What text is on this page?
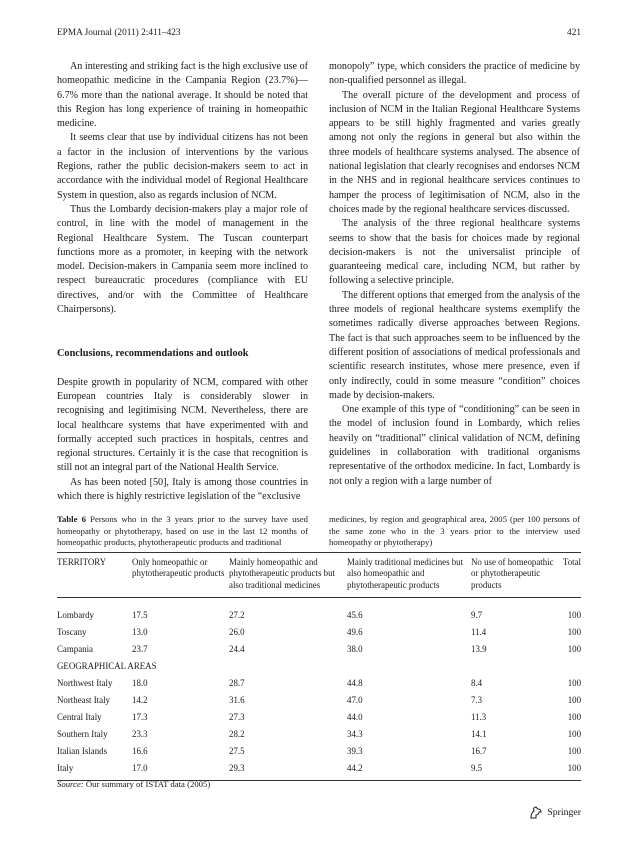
EPMA Journal (2011) 2:411–423	421

An interesting and striking fact is the high exclusive use of homeopathic medicine in the Campania Region (23.7%)—6.7% more than the national average. It should be noted that this Region has long experience of training in homeopathic medicine.

It seems clear that use by individual citizens has not been a factor in the inclusion of interventions by the various Regions, rather the public decision-makers seem to act in accordance with the individual model of Regional Healthcare System in question, also as regards inclusion of NCM.

Thus the Lombardy decision-makers play a major role of control, in line with the model of management in the Regional Healthcare System. The Tuscan counterpart functions more as a promoter, in keeping with the network model. Decision-makers in Campania seem more inclined to respect bureaucratic procedures (compliance with EU directives, and/or with the Committee of Healthcare Chairpersons).

Conclusions, recommendations and outlook

Despite growth in popularity of NCM, compared with other European countries Italy is considerably slower in recognising and legitimising NCM. Nevertheless, there are local healthcare systems that have experimented with and formally accepted such practices in hospitals, centres and regional structures. Certainly it is the case that recognition is still not an integral part of the National Health Service.

As has been noted [50], Italy is among those countries in which there is highly restrictive legislation of the “exclusive

monopoly” type, which considers the practice of medicine by non-qualified personnel as illegal.

The overall picture of the development and process of inclusion of NCM in the Italian Regional Healthcare Systems appears to be still highly fragmented and varies greatly among not only the regions in general but also within the three models of healthcare systems analysed. The absence of national legislation that clearly recognises and endorses NCM in the NHS and in regional healthcare services continues to hamper the process of legitimisation of NCM, also in the choices made by the regional healthcare services discussed.

The analysis of the three regional healthcare systems seems to show that the basis for choices made by regional decision-makers is not the universalist principle of guaranteeing medical care, including NCM, but rather by following a selective principle.

The different options that emerged from the analysis of the three models of regional healthcare systems exemplify the sometimes radically diverse approaches between Regions. The fact is that such approaches seem to be influenced by the different position of associations of medical professionals and scientific research institutes, whose mere presence, even if only indirectly, could in some measure “condition” choices made by decision-makers.

One example of this type of “conditioning” can be seen in the model of inclusion found in Lombardy, which relies heavily on “traditional” clinical validation of NCM, defining guidelines in collaboration with traditional organisms representative of the orthodox medicine. In fact, Lombardy is not only a region with a large number of

Table 6 Persons who in the 3 years prior to the survey have used homeopathy or phytotherapy, based on use in the last 12 months of homeopathic products, phytotherapeutic products and traditional
medicines, by region and geographical area, 2005 (per 100 persons of the same zone who in the 3 years prior to the interview used homeopathy or phytotherapy)
TERRITORY	Only homeopathic or phytotherapeutic products	Mainly homeopathic and phytotherapeutic products but also traditional medicines	Mainly traditional medicines but also homeopathic and phytotherapeutic products	No use of homeopathic or phytotherapeutic products	Total

Lombardy	17.5	27.2	45.6	9.7	100
Toscany	13.0	26.0	49.6	11.4	100
Campania	23.7	24.4	38.0	13.9	100
GEOGRAPHICAL AREAS					
Northwest Italy	18.0	28.7	44.8	8.4	100
Northeast Italy	14.2	31.6	47.0	7.3	100
Central Italy	17.3	27.3	44.0	11.3	100
Southern Italy	23.3	28.2	34.3	14.1	100
Italian Islands	16.6	27.5	39.3	16.7	100
Italy	17.0	29.3	44.2	9.5	100
Source: Our summary of ISTAT data (2005)
Springer
